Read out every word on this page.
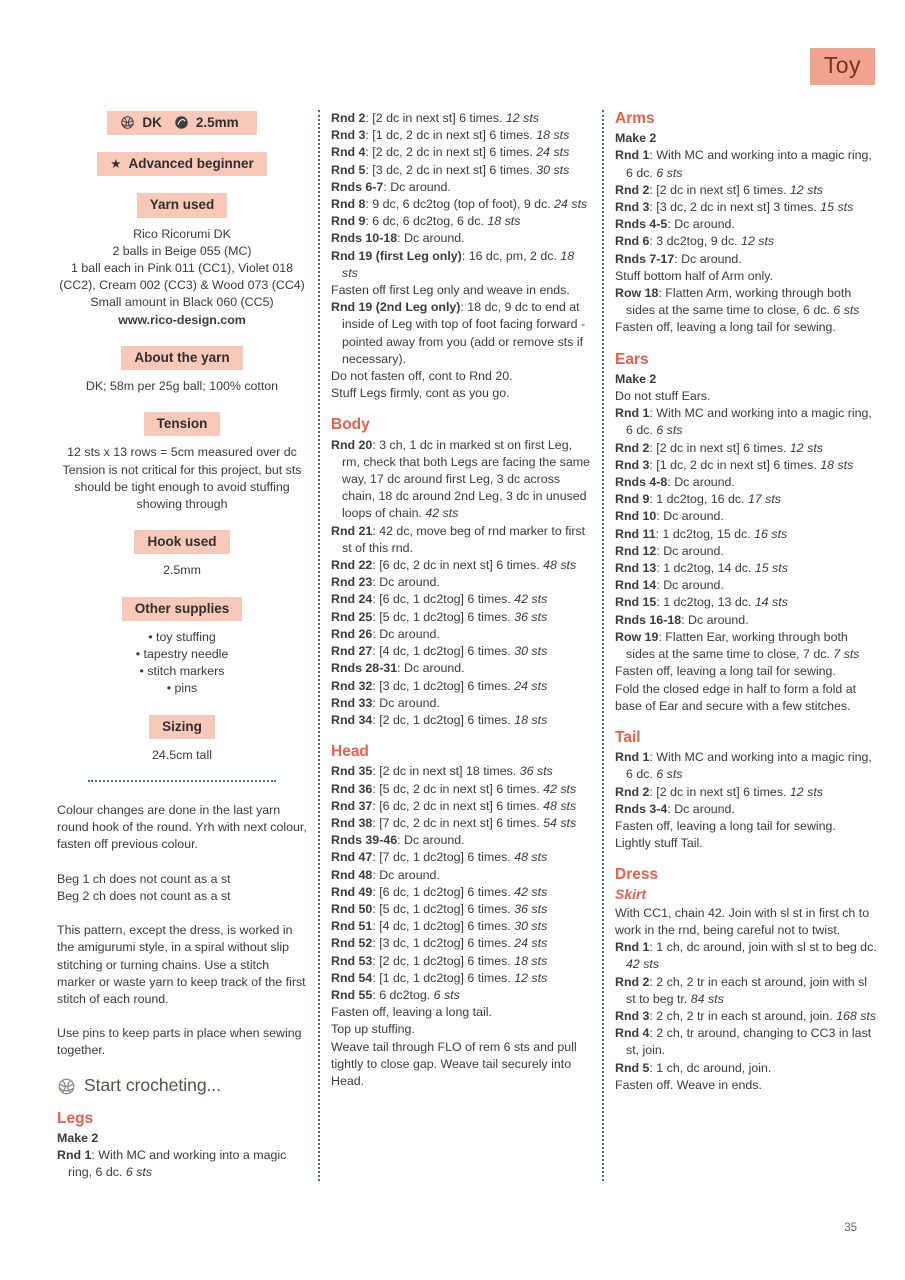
Toy
DK	2.5mm
★ Advanced beginner
Yarn used
Rico Ricorumi DK
2 balls in Beige 055 (MC)
1 ball each in Pink 011 (CC1), Violet 018 (CC2), Cream 002 (CC3) & Wood 073 (CC4)
Small amount in Black 060 (CC5)
www.rico-design.com
About the yarn
DK; 58m per 25g ball; 100% cotton
Tension
12 sts x 13 rows = 5cm measured over dc
Tension is not critical for this project, but sts should be tight enough to avoid stuffing showing through
Hook used
2.5mm
Other supplies
• toy stuffing
• tapestry needle
• stitch markers
• pins
Sizing
24.5cm tall
Colour changes are done in the last yarn round hook of the round. Yrh with next colour, fasten off previous colour.
Beg 1 ch does not count as a st
Beg 2 ch does not count as a st
This pattern, except the dress, is worked in the amigurumi style, in a spiral without slip stitching or turning chains. Use a stitch marker or waste yarn to keep track of the first stitch of each round.
Use pins to keep parts in place when sewing together.
Start crocheting...
Legs
Make 2
Rnd 1: With MC and working into a magic ring, 6 dc. 6 sts
Rnd 2: [2 dc in next st] 6 times. 12 sts
Rnd 3: [1 dc, 2 dc in next st] 6 times. 18 sts
Rnd 4: [2 dc, 2 dc in next st] 6 times. 24 sts
Rnd 5: [3 dc, 2 dc in next st] 6 times. 30 sts
Rnds 6-7: Dc around.
Rnd 8: 9 dc, 6 dc2tog (top of foot), 9 dc. 24 sts
Rnd 9: 6 dc, 6 dc2tog, 6 dc. 18 sts
Rnds 10-18: Dc around.
Rnd 19 (first Leg only): 16 dc, pm, 2 dc. 18 sts
Fasten off first Leg only and weave in ends.
Rnd 19 (2nd Leg only): 18 dc, 9 dc to end at inside of Leg with top of foot facing forward - pointed away from you (add or remove sts if necessary).
Do not fasten off, cont to Rnd 20.
Stuff Legs firmly, cont as you go.
Body
Rnd 20: 3 ch, 1 dc in marked st on first Leg, rm, check that both Legs are facing the same way, 17 dc around first Leg, 3 dc across chain, 18 dc around 2nd Leg, 3 dc in unused loops of chain. 42 sts
Rnd 21: 42 dc, move beg of rnd marker to first st of this rnd.
Rnd 22: [6 dc, 2 dc in next st] 6 times. 48 sts
Rnd 23: Dc around.
Rnd 24: [6 dc, 1 dc2tog] 6 times. 42 sts
Rnd 25: [5 dc, 1 dc2tog] 6 times. 36 sts
Rnd 26: Dc around.
Rnd 27: [4 dc, 1 dc2tog] 6 times. 30 sts
Rnds 28-31: Dc around.
Rnd 32: [3 dc, 1 dc2tog] 6 times. 24 sts
Rnd 33: Dc around.
Rnd 34: [2 dc, 1 dc2tog] 6 times. 18 sts
Head
Rnd 35: [2 dc in next st] 18 times. 36 sts
Rnd 36: [5 dc, 2 dc in next st] 6 times. 42 sts
Rnd 37: [6 dc, 2 dc in next st] 6 times. 48 sts
Rnd 38: [7 dc, 2 dc in next st] 6 times. 54 sts
Rnds 39-46: Dc around.
Rnd 47: [7 dc, 1 dc2tog] 6 times. 48 sts
Rnd 48: Dc around.
Rnd 49: [6 dc, 1 dc2tog] 6 times. 42 sts
Rnd 50: [5 dc, 1 dc2tog] 6 times. 36 sts
Rnd 51: [4 dc, 1 dc2tog] 6 times. 30 sts
Rnd 52: [3 dc, 1 dc2tog] 6 times. 24 sts
Rnd 53: [2 dc, 1 dc2tog] 6 times. 18 sts
Rnd 54: [1 dc, 1 dc2tog] 6 times. 12 sts
Rnd 55: 6 dc2tog. 6 sts
Fasten off, leaving a long tail.
Top up stuffing.
Weave tail through FLO of rem 6 sts and pull tightly to close gap. Weave tail securely into Head.
Arms
Make 2
Rnd 1: With MC and working into a magic ring, 6 dc. 6 sts
Rnd 2: [2 dc in next st] 6 times. 12 sts
Rnd 3: [3 dc, 2 dc in next st] 3 times. 15 sts
Rnds 4-5: Dc around.
Rnd 6: 3 dc2tog, 9 dc. 12 sts
Rnds 7-17: Dc around.
Stuff bottom half of Arm only.
Row 18: Flatten Arm, working through both sides at the same time to close, 6 dc. 6 sts
Fasten off, leaving a long tail for sewing.
Ears
Make 2
Do not stuff Ears.
Rnd 1: With MC and working into a magic ring, 6 dc. 6 sts
Rnd 2: [2 dc in next st] 6 times. 12 sts
Rnd 3: [1 dc, 2 dc in next st] 6 times. 18 sts
Rnds 4-8: Dc around.
Rnd 9: 1 dc2tog, 16 dc. 17 sts
Rnd 10: Dc around.
Rnd 11: 1 dc2tog, 15 dc. 16 sts
Rnd 12: Dc around.
Rnd 13: 1 dc2tog, 14 dc. 15 sts
Rnd 14: Dc around.
Rnd 15: 1 dc2tog, 13 dc. 14 sts
Rnds 16-18: Dc around.
Row 19: Flatten Ear, working through both sides at the same time to close, 7 dc. 7 sts
Fasten off, leaving a long tail for sewing.
Fold the closed edge in half to form a fold at base of Ear and secure with a few stitches.
Tail
Rnd 1: With MC and working into a magic ring, 6 dc. 6 sts
Rnd 2: [2 dc in next st] 6 times. 12 sts
Rnds 3-4: Dc around.
Fasten off, leaving a long tail for sewing.
Lightly stuff Tail.
Dress
Skirt
With CC1, chain 42. Join with sl st in first ch to work in the rnd, being careful not to twist.
Rnd 1: 1 ch, dc around, join with sl st to beg dc. 42 sts
Rnd 2: 2 ch, 2 tr in each st around, join with sl st to beg tr. 84 sts
Rnd 3: 2 ch, 2 tr in each st around, join. 168 sts
Rnd 4: 2 ch, tr around, changing to CC3 in last st, join.
Rnd 5: 1 ch, dc around, join.
Fasten off. Weave in ends.
35
